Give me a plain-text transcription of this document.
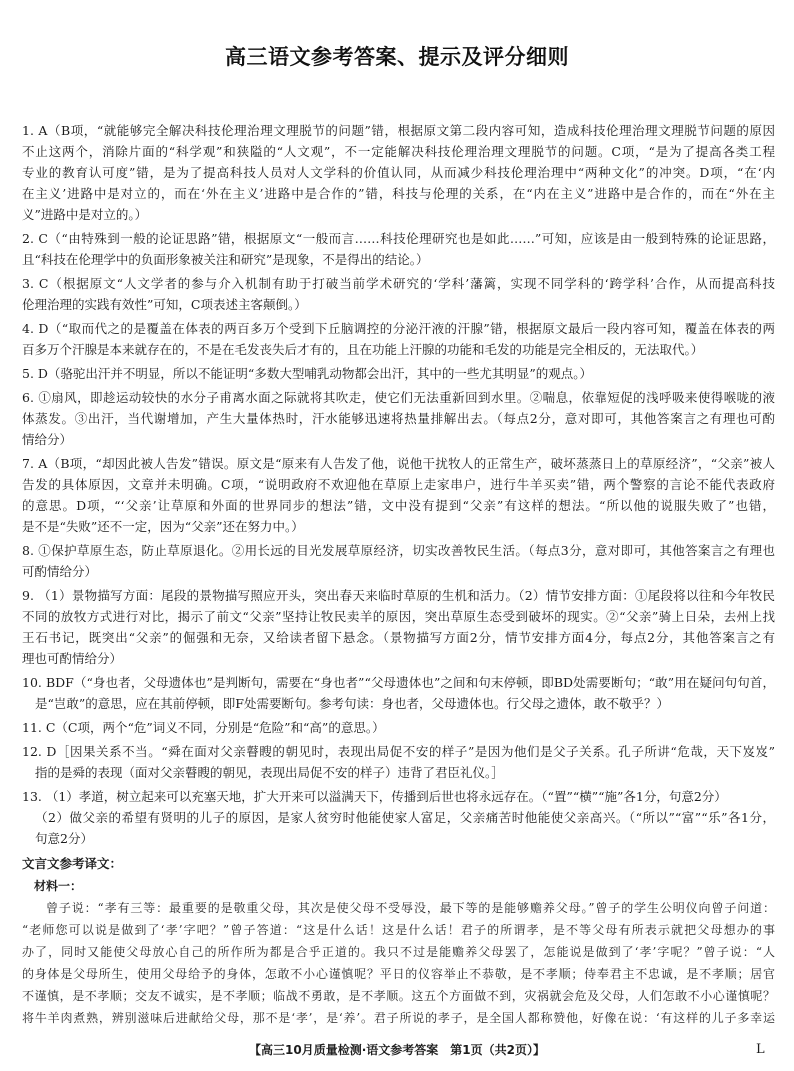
高三语文参考答案、提示及评分细则
1. A（B项，“就能够完全解决科技伦理治理文理脱节的问题”错，根据原文第二段内容可知，造成科技伦理治理文理脱节问题的原因
不止这两个，消除片面的“科学观”和狭隘的“人文观”，不一定能解决科技伦理治理文理脱节的问题。C项，“是为了提高各类工程
专业的教育认可度”错，是为了提高科技人员对人文学科的价值认同，从而减少科技伦理治理中“两种文化”的冲突。D项，“在‘内
在主义’进路中是对立的，而在‘外在主义’进路中是合作的”错，科技与伦理的关系，在“内在主义”进路中是合作的，而在“外在主
义”进路中是对立的。）
2. C（“由特殊到一般的论证思路”错，根据原文“一般而言……科技伦理研究也是如此……”可知，应该是由一般到特殊的论证思路，
且“科技在伦理学中的负面形象被关注和研究”是现象，不是得出的结论。）
3. C（根据原文“人文学者的参与介入机制有助于打破当前学术研究的‘学科’藩篱，实现不同学科的‘跨学科’合作，从而提高科技
伦理治理的实践有效性”可知，C项表述主客颠倒。）
4. D（“取而代之的是覆盖在体表的两百多万个受到下丘脑调控的分泌汗液的汗腺”错，根据原文最后一段内容可知，覆盖在体表的两
百多万个汗腺是本来就存在的，不是在毛发丧失后才有的，且在功能上汗腺的功能和毛发的功能是完全相反的，无法取代。）
5. D（骆驼出汗并不明显，所以不能证明“多数大型哺乳动物都会出汗，其中的一些尤其明显”的观点。）
6. ①扇风，即趁运动较快的水分子甫离水面之际就将其吹走，使它们无法重新回到水里。②喘息，依靠短促的浅呼吸来使得喉咙的液
体蒸发。③出汗，当代谢增加，产生大量体热时，汗水能够迅速将热量排解出去。（每点2分，意对即可，其他答案言之有理也可酌
情给分）
7. A（B项，“却因此被人告发”错误。原文是“原来有人告发了他，说他干扰牧人的正常生产，破坏蒸蒸日上的草原经济”，“父亲”被人
告发的具体原因，文章并未明确。C项，“说明政府不欢迎他在草原上走家串户，进行牛羊买卖”错，两个警察的言论不能代表政府
的意思。D项，“‘父亲’让草原和外面的世界同步的想法”错，文中没有提到“父亲”有这样的想法。“所以他的说服失败了”也错，
是不是“失败”还不一定，因为“父亲”还在努力中。）
8. ①保护草原生态，防止草原退化。②用长远的目光发展草原经济，切实改善牧民生活。（每点3分，意对即可，其他答案言之有理也
可酌情给分）
9. （1）景物描写方面：尾段的景物描写照应开头，突出春天来临时草原的生机和活力。（2）情节安排方面：①尾段将以往和今年牧民
不同的放牧方式进行对比，揭示了前文“父亲”坚持让牧民卖羊的原因，突出草原生态受到破坏的现实。②“父亲”骑上日朵，去州上找
王石书记，既突出“父亲”的倔强和无奈，又给读者留下悬念。（景物描写方面2分，情节安排方面4分，每点2分，其他答案言之有
理也可酌情给分）
10. BDF（“身也者，父母遗体也”是判断句，需要在“身也者”“父母遗体也”之间和句末停顿，即BD处需要断句；“敢”用在疑问句句首，
是“岂敢”的意思，应在其前停顿，即F处需要断句。参考句读：身也者，父母遗体也。行父母之遗体，敢不敬乎？）
11. C（C项，两个“危”词义不同，分别是“危险”和“高”的意思。）
12. D［因果关系不当。“舜在面对父亲瞽瞍的朝见时，表现出局促不安的样子”是因为他们是父子关系。孔子所讲“危哉，天下岌岌”
指的是舜的表现（面对父亲瞽瞍的朝见，表现出局促不安的样子）违背了君臣礼仪。］
13. （1）孝道，树立起来可以充塞天地，扩大开来可以溢满天下，传播到后世也将永远存在。（“置”“横”“施”各1分，句意2分）
（2）做父亲的希望有贤明的儿子的原因，是家人贫穷时他能使家人富足，父亲痛苦时他能使父亲高兴。（“所以”“富”“乐”各1分，
句意2分）
文言文参考译文：
材料一：
曾子说：“孝有三等：最重要的是敬重父母，其次是使父母不受辱没，最下等的是能够赡养父母。”曾子的学生公明仪向曾子问道：
“老师您可以说是做到了‘孝’字吧？”曾子答道：“这是什么话！这是什么话！君子的所谓孝，是不等父母有所表示就把父母想办的事
办了，同时又能使父母放心自己的所作所为都是合乎正道的。我只不过是能赡养父母罢了，怎能说是做到了‘孝’字呢？”曾子说：“人
的身体是父母所生，使用父母给予的身体，怎敢不小心谨慎呢？平日的仪容举止不恭敬，是不孝顺；侍奉君主不忠诚，是不孝顺；居官
不谨慎，是不孝顺；交友不诚实，是不孝顺；临战不勇敢，是不孝顺。这五个方面做不到，灾祸就会危及父母，人们怎敢不小心谨慎呢？
将牛羊肉煮熟，辨别滋味后进献给父母，那不是‘孝’，是‘养’。君子所说的孝子，是全国人都称赞他，好像在说：‘有这样的儿子多幸运
【高三10月质量检测·语文参考答案　第1页（共2页）】	L
